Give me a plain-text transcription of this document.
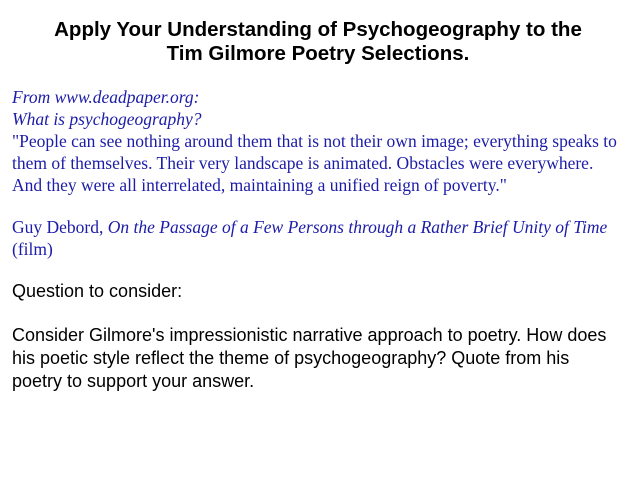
Apply Your Understanding of Psychogeography to the
Tim Gilmore Poetry Selections.

From www.deadpaper.org:
What is psychogeography?
"People can see nothing around them that is not their own image; everything speaks to them of themselves. Their very landscape is animated. Obstacles were everywhere. And they were all interrelated, maintaining a unified reign of poverty."

Guy Debord, On the Passage of a Few Persons through a Rather Brief Unity of Time (film)

Question to consider:

Consider Gilmore's impressionistic narrative approach to poetry. How does his poetic style reflect the theme of psychogeography? Quote from his poetry to support your answer.
